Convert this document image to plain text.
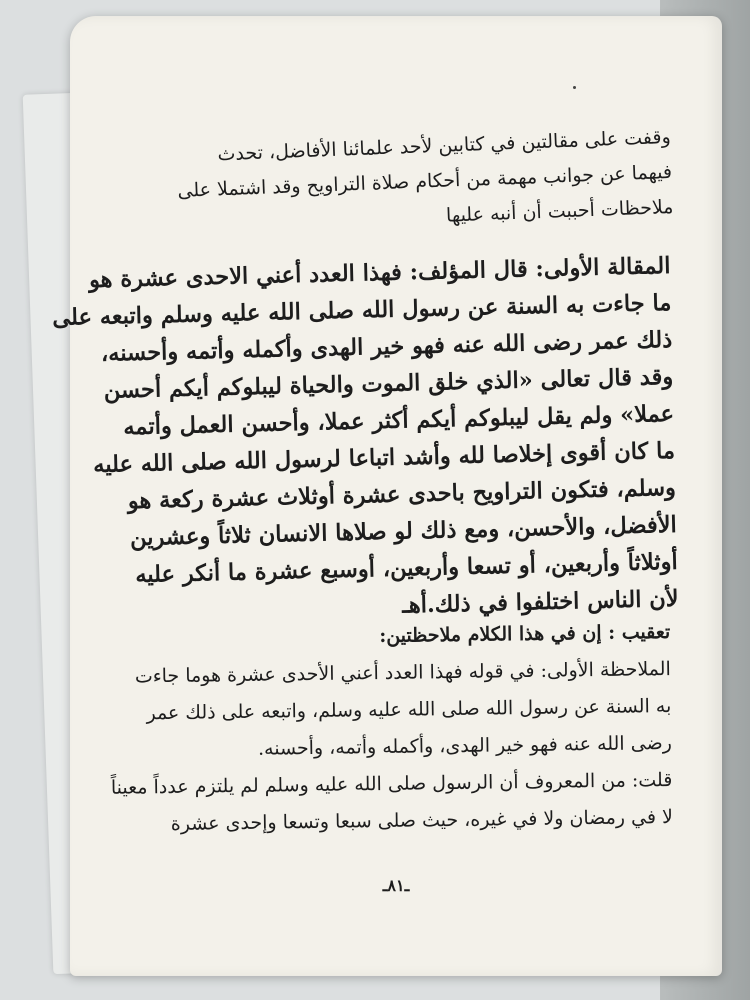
وقفت على مقالتين في كتابين لأحد علمائنا الأفاضل، تحدث
فيهما عن جوانب مهمة من أحكام صلاة التراويح وقد اشتملا على
ملاحظات أحببت أن أنبه عليها
المقالة الأولى: قال المؤلف: فهذا العدد أعني الاحدى عشرة هو
ما جاءت به السنة عن رسول الله صلى الله عليه وسلم واتبعه على
ذلك عمر رضى الله عنه فهو خير الهدى وأكمله وأتمه وأحسنه،
وقد قال تعالى «الذي خلق الموت والحياة ليبلوكم أيكم أحسن
عملا» ولم يقل ليبلوكم أيكم أكثر عملا، وأحسن العمل وأتمه
ما كان أقوى إخلاصا لله وأشد اتباعا لرسول الله صلى الله عليه
وسلم، فتكون التراويح باحدى عشرة أوثلاث عشرة ركعة هو
الأفضل، والأحسن، ومع ذلك لو صلاها الانسان ثلاثاً وعشرين
أوثلاثاً وأربعين، أو تسعا وأربعين، أوسبع عشرة ما أنكر عليه
لأن الناس اختلفوا في ذلك.أهـ
تعقيب : إن في هذا الكلام ملاحظتين:
الملاحظة الأولى: في قوله فهذا العدد أعني الأحدى عشرة هوما جاءت
به السنة عن رسول الله صلى الله عليه وسلم، واتبعه على ذلك عمر
رضى الله عنه فهو خير الهدى، وأكمله وأتمه، وأحسنه.
قلت: من المعروف أن الرسول صلى الله عليه وسلم لم يلتزم عدداً معيناً
لا في رمضان ولا في غيره، حيث صلى سبعا وتسعا وإحدى عشرة
ـ٨١ـ
